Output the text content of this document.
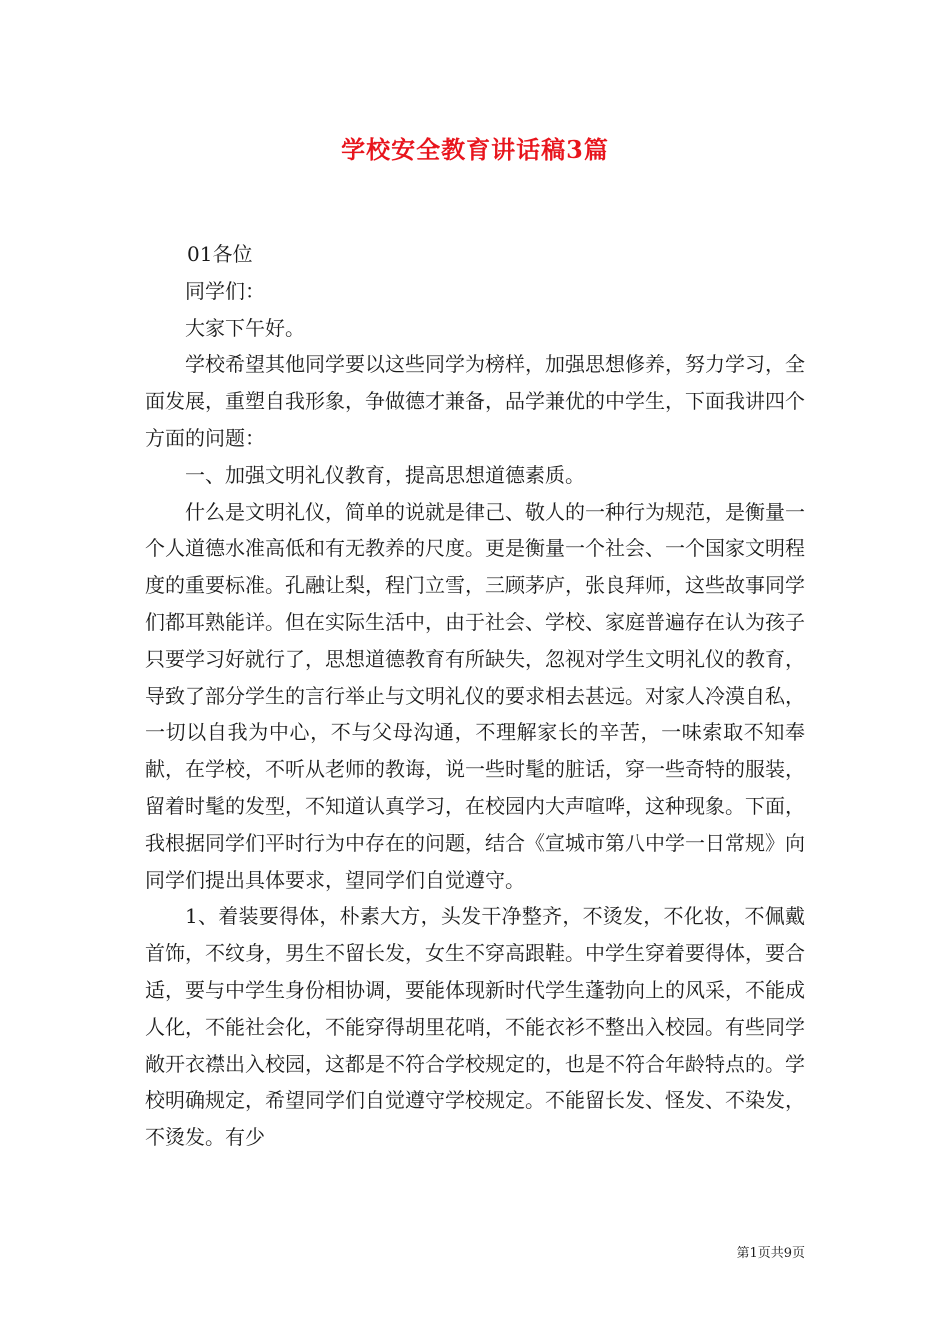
学校安全教育讲话稿3篇

01各位

同学们：

大家下午好。

学校希望其他同学要以这些同学为榜样，加强思想修养，努力学习，全面发展，重塑自我形象，争做德才兼备，品学兼优的中学生，下面我讲四个方面的问题：

一、加强文明礼仪教育，提高思想道德素质。

什么是文明礼仪，简单的说就是律己、敬人的一种行为规范，是衡量一个人道德水准高低和有无教养的尺度。更是衡量一个社会、一个国家文明程度的重要标准。孔融让梨，程门立雪，三顾茅庐，张良拜师，这些故事同学们都耳熟能详。但在实际生活中，由于社会、学校、家庭普遍存在认为孩子只要学习好就行了，思想道德教育有所缺失，忽视对学生文明礼仪的教育，导致了部分学生的言行举止与文明礼仪的要求相去甚远。对家人冷漠自私，一切以自我为中心，不与父母沟通，不理解家长的辛苦，一味索取不知奉献，在学校，不听从老师的教诲，说一些时髦的脏话，穿一些奇特的服装，留着时髦的发型，不知道认真学习，在校园内大声喧哗，这种现象。下面，我根据同学们平时行为中存在的问题，结合《宣城市第八中学一日常规》向同学们提出具体要求，望同学们自觉遵守。

1、着装要得体，朴素大方，头发干净整齐，不烫发，不化妆，不佩戴首饰，不纹身，男生不留长发，女生不穿高跟鞋。中学生穿着要得体，要合适，要与中学生身份相协调，要能体现新时代学生蓬勃向上的风采，不能成人化，不能社会化，不能穿得胡里花哨，不能衣衫不整出入校园。有些同学敞开衣襟出入校园，这都是不符合学校规定的，也是不符合年龄特点的。学校明确规定，希望同学们自觉遵守学校规定。不能留长发、怪发、不染发，不烫发。有少

第1页共9页
